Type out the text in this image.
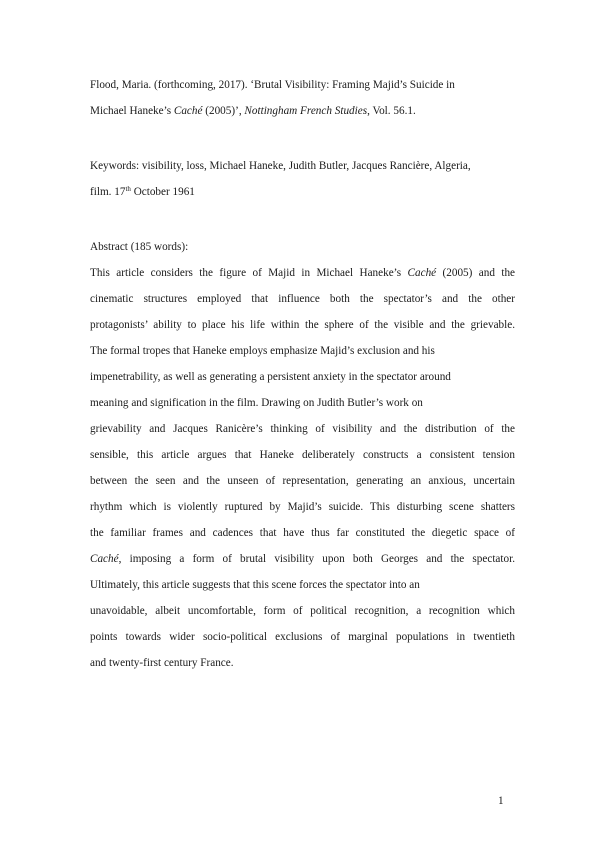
Flood, Maria. (forthcoming, 2017). ‘Brutal Visibility: Framing Majid’s Suicide in
Michael Haneke’s Caché (2005)’, Nottingham French Studies, Vol. 56.1.
Keywords: visibility, loss, Michael Haneke, Judith Butler, Jacques Rancière, Algeria,
film. 17th October 1961
Abstract (185 words):
This article considers the figure of Majid in Michael Haneke’s Caché (2005) and the
cinematic structures employed that influence both the spectator’s and the other
protagonists’ ability to place his life within the sphere of the visible and the grievable.
The formal tropes that Haneke employs emphasize Majid’s exclusion and his
impenetrability, as well as generating a persistent anxiety in the spectator around
meaning and signification in the film. Drawing on Judith Butler’s work on
grievability and Jacques Ranicère’s thinking of visibility and the distribution of the
sensible, this article argues that Haneke deliberately constructs a consistent tension
between the seen and the unseen of representation, generating an anxious, uncertain
rhythm which is violently ruptured by Majid’s suicide. This disturbing scene shatters
the familiar frames and cadences that have thus far constituted the diegetic space of
Caché, imposing a form of brutal visibility upon both Georges and the spectator.
Ultimately, this article suggests that this scene forces the spectator into an
unavoidable, albeit uncomfortable, form of political recognition, a recognition which
points towards wider socio-political exclusions of marginal populations in twentieth
and twenty-first century France.
1
